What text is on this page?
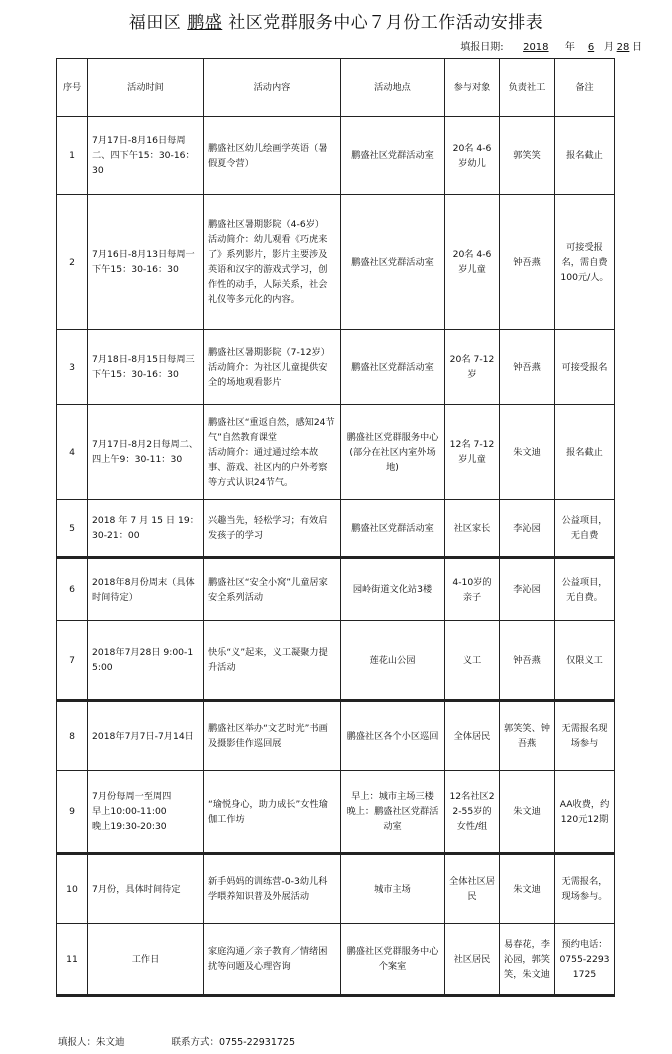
福田区 鹏盛 社区党群服务中心７月份工作活动安排表
填报日期: 2018 年 6 月 28 日
序号	活动时间	活动内容	活动地点	参与对象	负责社工	备注
1	7月17日-8月16日每周二、四下午15：30-16：30	鹏盛社区幼儿绘画学英语（暑假夏令营）	鹏盛社区党群活动室	20名 4-6岁幼儿	郭笑笑	报名截止
2	7月16日-8月13日每周一下午15：30-16：30	鹏盛社区暑期影院（4-6岁）
活动简介：幼儿观看《巧虎来了》系列影片，影片主要涉及英语和汉字的游戏式学习，创作性的动手，人际关系，社会礼仪等多元化的内容。	鹏盛社区党群活动室	20名 4-6岁儿童	钟吾燕	可接受报名，需自费100元/人。
3	7月18日-8月15日每周三下午15：30-16：30	鹏盛社区暑期影院（7-12岁）
活动简介：为社区儿童提供安全的场地观看影片	鹏盛社区党群活动室	20名 7-12岁	钟吾燕	可接受报名
4	7月17日-8月2日每周二、四上午9：30-11：30	鹏盛社区“重返自然，感知24节气”自然教育课堂
活动简介：通过通过绘本故事、游戏、社区内的户外考察等方式认识24节气。	鹏盛社区党群服务中心(部分在社区内室外场地)	12名 7-12岁儿童	朱文迪	报名截止
5	2018 年 7 月 15 日 19：30-21：00	兴趣当先，轻松学习；有效启发孩子的学习	鹏盛社区党群活动室	社区家长	李沁园	公益项目，无自费
6	2018年8月份周末（具体时间待定）	鹏盛社区“安全小窝”儿童居家安全系列活动	园岭街道文化站3楼	4-10岁的亲子	李沁园	公益项目，无自费。
7	2018年7月28日 9:00-15:00	快乐“义”起来，义工凝聚力提升活动	莲花山公园	义工	钟吾燕	仅限义工
8	2018年7月7日-7月14日	鹏盛社区举办“文艺时光”书画及摄影佳作巡回展	鹏盛社区各个小区巡回	全体居民	郭笑笑、钟吾燕	无需报名现场参与
9	7月份每周一至周四
早上10:00-11:00
晚上19:30-20:30	“瑜悦身心，助力成长”女性瑜伽工作坊	早上：城市主场三楼
晚上：鹏盛社区党群活动室	12名社区22-55岁的女性/组	朱文迪	AA收费，约120元12期
10	7月份，具体时间待定	新手妈妈的训练营-0-3幼儿科学喂养知识普及外展活动	城市主场	全体社区居民	朱文迪	无需报名，现场参与。
11	工作日	家庭沟通／亲子教育／情绪困扰等问题及心理咨询	鹏盛社区党群服务中心个案室	社区居民	易春花，李沁园，郭笑笑，朱文迪	预约电话：0755-22931725
填报人：朱文迪	联系方式：0755-22931725
